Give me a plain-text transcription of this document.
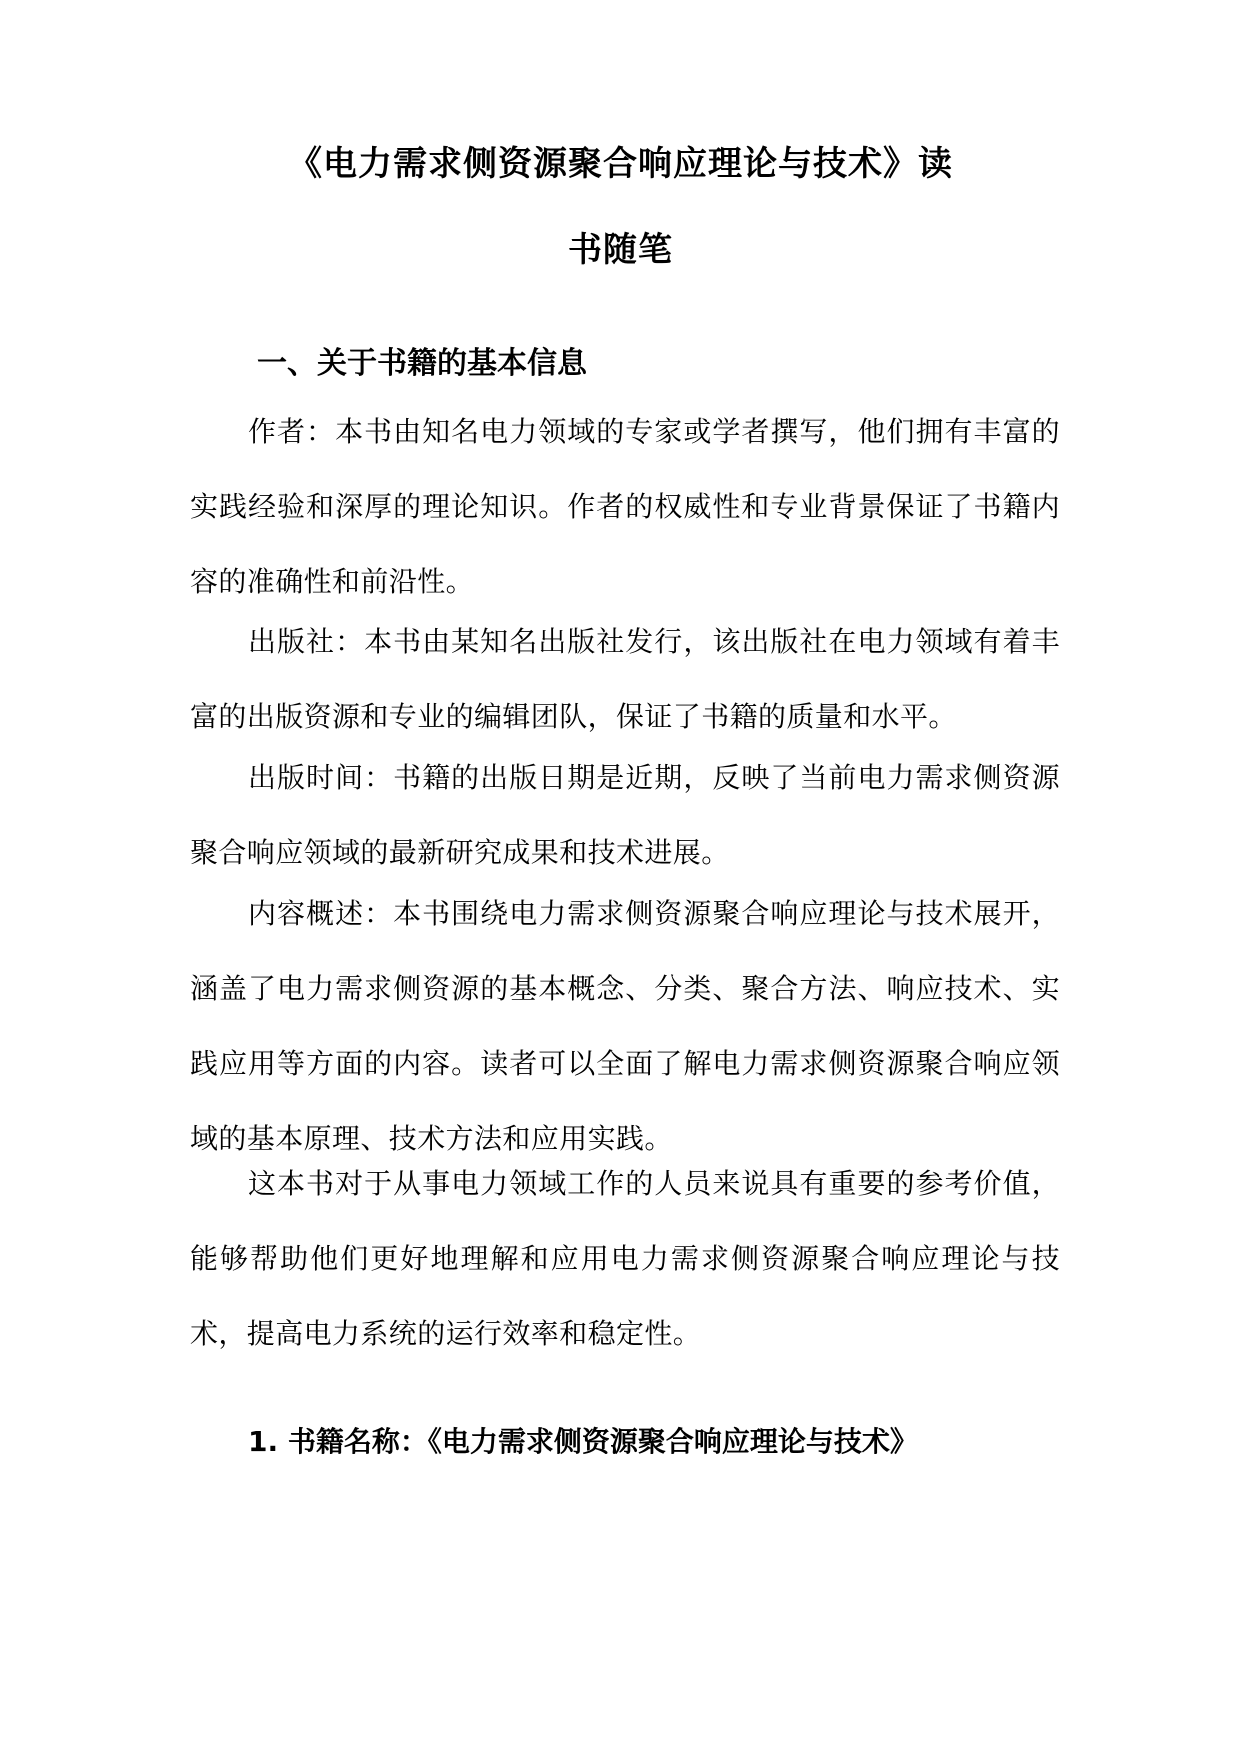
《电力需求侧资源聚合响应理论与技术》读
书随笔
一、关于书籍的基本信息
作者：本书由知名电力领域的专家或学者撰写，他们拥有丰富的实践经验和深厚的理论知识。作者的权威性和专业背景保证了书籍内容的准确性和前沿性。
出版社：本书由某知名出版社发行，该出版社在电力领域有着丰富的出版资源和专业的编辑团队，保证了书籍的质量和水平。
出版时间：书籍的出版日期是近期，反映了当前电力需求侧资源聚合响应领域的最新研究成果和技术进展。
内容概述：本书围绕电力需求侧资源聚合响应理论与技术展开，涵盖了电力需求侧资源的基本概念、分类、聚合方法、响应技术、实践应用等方面的内容。读者可以全面了解电力需求侧资源聚合响应领域的基本原理、技术方法和应用实践。
这本书对于从事电力领域工作的人员来说具有重要的参考价值，能够帮助他们更好地理解和应用电力需求侧资源聚合响应理论与技术，提高电力系统的运行效率和稳定性。
1. 书籍名称：《电力需求侧资源聚合响应理论与技术》
